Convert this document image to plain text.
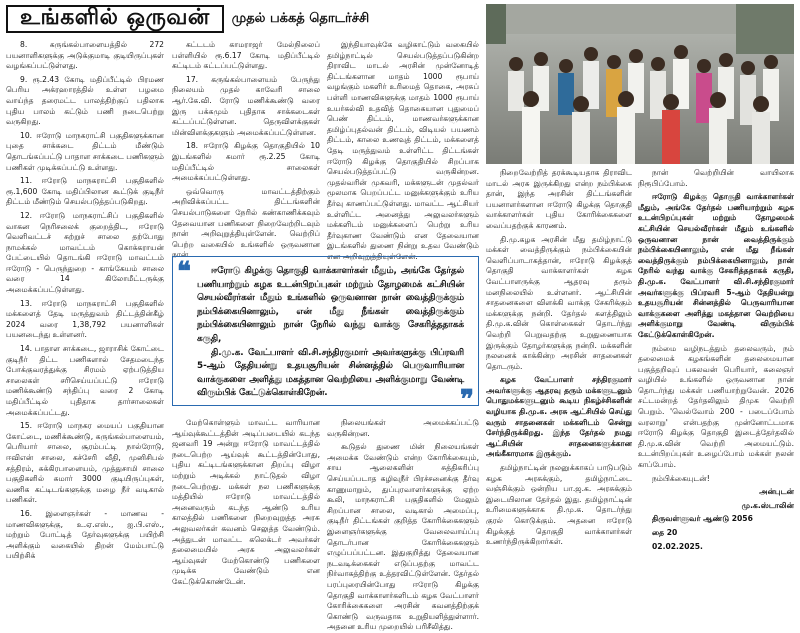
உங்களில் ஒருவன் முதல் பக்கத் தொடர்ச்சி

8. கருங்கல்பாளையத்தில் 272 பயனாளிகளுக்கு அடுக்குமாடி குடியிருப்புகள் வழங்கப்பட்டுள்ளது.

9. ரூ.2.43 கோடி மதிப்பீட்டில் பிரமண பெரிய அக்ரஹாரத்தில் உள்ள பழமை வாய்ந்த தரைமட்ட பாலத்திற்குப் பதிலாக புதிய பாலம் கட்டும் பணி நடைபெற்று வருகிறது.

10. ஈரோடு மாநகராட்சி பகுதிகளுக்கான புதை சாக்கடை திட்டம் மீண்டும் தொடங்கப்பட்டு பாதாள சாக்கடை பணிகளும் பணிகள் முடிக்கப்பட்டு உள்ளது.

11. ஈரோடு மாநகராட்சி பகுதிகளில் ரூ.1,600 கோடி மதிப்பிலான கூட்டுக் குடிநீர் திட்டம் மீண்டும் செயல்படுத்தப்படுகிறது.

12. ஈரோடு மாநகராட்சிப் பகுதிகளில் வாகன நெரிசலைக் குறைத்திட, ஈரோடு வெளிவட்டச் சுற்றுச் சாலை தற்போது நாமக்கல் மாவட்டம் கொக்கராயன் பேட்டையில் தொடங்கி ஈரோடு மாவட்டம் ஈரோடு - பெருந்துறை - காங்கேயம் சாலை வரை 14 கிலோமீட்டருக்கு அமைக்கப்பட்டுள்ளது.

13. ஈரோடு மாநகராட்சி பகுதிகளில் மக்களைத் தேடி மருத்துவம் திட்டத்தின்கீழ் 2024 வரை 1,38,792 பயனாளிகள் பயனடைந்து உள்ளனர்.

14. பாதாள சாக்கடை, ஜாராசிக் கோட்டை குடிநீர் திட்ட பணிகளால் சேதமடைந்த போக்குவரத்துக்கு சிரமம் ஏற்படுத்திய சாலைகள் சரிசெய்யப்பட்டு ஈரோடு மணிக்கூண்டு சந்திப்பு வரை 2 கோடி மதிப்பீட்டில் புதிதாக தார்சாலைகள் அமைக்கப்பட்டது.

15. ஈரோடு மாநகர மையப் பகுதியான கோட்டை, மணிக்கூண்டு, கருங்கல்பாளையம், பெரியார் சாலை, சூரம்பட்டி நால்ரோடு, ஈவிஎன் சாலை, கச்சேரி வீதி, முனிசிபல் சத்திரம், சுக்கிரபாளையம், முத்துசாமி சாலை பகுதிகளில் சுமார் 3000 குடியிருப்புகள், வணிக கட்டிடங்களுக்கு மழை நீர் வடிகால் பணிகள்.

16. இளைஞர்கள் - மாணவ - மாணவிகளுக்கு, உ.ஏ.எஸ்., ஐ.பி.எஸ்., மற்றும் போட்டித் தேர்வுகளுக்கு பயிற்சி அளிக்கும் வகையில் திறன் மேம்பாட்டு பயிற்சிக்

கட்டடம் காமராஜர் மேல்நிலைப் பள்ளியில் ரூ.6.17 கோடி மதிப்பீட்டில் கட்டிடம் கட்டப்பட்டுள்ளது.

17. கருங்கல்பாளையம் பேருந்து நிலையம் முதல் காவேரி சாலை ஆர்.கே.வி. ரோடு மணிக்கூண்டு வரை இரு பக்கமும் புதிதாக சாக்கடைகள் கட்டப்பட்டுள்ளன. தெருவிளக்குகள் மின்விளக்குகளும் அமைக்கப்பட்டுள்ளன.

18. ஈரோடு கிழக்கு தொகுதியில் 10 இடங்களில் சுமார் ரூ.2.25 கோடி மதிப்பீட்டில் சாலைகள் அமைக்கப்பட்டுள்ளது.

ஒவ்வொரு மாவட்டத்திற்கும் அறிவிக்கப்பட்ட திட்டங்களின் செயல்பாடுகளை நேரில் கண்காணிக்கவும் தேவையான பணிகளை நிறைவேற்றிடவும் நான் அறிவுறுத்தியுள்ளேன். வெற்றிப் பெற்ற வகையில் உங்களில் ஒருவனான நான்

இந்தியாவுக்கே வழிகாட்டும் வகையில் தமிழ்நாட்டில் செயல்படுத்தப்படுகின்ற திராவிட மாடல் அரசின் முன்னோடித் திட்டங்களான மாதம் 1000 ரூபாய் வழங்கும் மகளிர் உரிமைத் தொகை, அரசுப் பள்ளி மாணவிகளுக்கு மாதம் 1000 ரூபாய் உயர்கல்வி உதவித் தொகையான புதுமைப் பெண் திட்டம், மாணவர்களுக்கான தமிழ்ப்புதல்வன் திட்டம், விடியல் பயணம் திட்டம், காலை உணவுத் திட்டம், மக்களைத் தேடி மருத்துவம் உள்ளிட்ட திட்டங்கள் ஈரோடு கிழக்கு தொகுதியில் சிறப்பாக செயல்படுத்தப்பட்டு வருகின்றன. முதல்வரின் முகவரி, மக்களுடன் முதல்வர் மூலமாக பெறப்பட்ட மனுக்களுக்கும் உரிய தீர்வு காணப்பட்டுள்ளது. மாவட்ட ஆட்சியர் உள்ளிட்ட அனைத்து அலுவலர்களும் மக்களிடம் மனுக்களைப் பெற்று உரிய தீர்வுகாண வேண்டும் என தேவையான இடங்களில் துணை நின்று உதவ வேண்டும் என அறிவுறுத்தியுள்ளேன்.

❝	ஈரோடு கிழக்கு தொகுதி வாக்காளர்கள் மீதும், அங்கே தேர்தல் பணியாற்றும் கழக உடன்பிறப்புகள் மற்றும் தோழமைக் கட்சியின் செயல்வீரர்கள் மீதும் உங்களில் ஒருவனான நான் வைத்திருக்கும் நம்பிக்கையினாலும், என் மீது நீங்கள் வைத்திருக்கும் நம்பிக்கையினாலும் நான் நேரில் வந்து வாக்கு சேகரித்ததாகக் கருதி,

தி.மு.க. வேட்பாளர் வி.சி.சந்திரகுமார் அவர்களுக்கு பிப்ரவரி 5-ஆம் தேதியன்று உதயசூரியன் சின்னத்தில் பெருவாரியான வாக்குகளை அளித்து மகத்தான வெற்றியை அளிக்குமாறு வேண்டி விரும்பிக் கேட்டுக்கொள்கிறேன்.	❞

மேற்கொள்ளும் மாவட்ட வாரியான ஆய்வுக்கூட்டத்தின் அடிப்படையில் கடந்த ஜனவரி 19 அன்று ஈரோடு மாவட்டத்தில் நடைபெற்ற ஆய்வுக் கூட்டத்தின்போது, புதிய கட்டிடங்களுக்கான திறப்பு விழா மற்றும் அடிக்கல் நாட்டுதல் விழா நடைபெற்றது. மக்கள் நல பணிகளுக்கு மத்தியில் ஈரோடு மாவட்டத்தில் அனைவரும் கடந்த ஆண்டு உரிய காலத்தில் பணிகளை நிறைவுறுத்த அரசு அலுவலர்கள் கவனம் செலுத்த வேண்டும். அத்துடன் மாவட்ட கலெக்டர் அவர்கள் தலைமையில் அரசு அலுவலர்கள் ஆய்வுகள் மேற்கொண்டு பணிகளை முடிக்க வேண்டும் என கேட்டுக்கொண்டேன்.

நிலையங்கள் அமைக்கப்பட்டு வருகின்றன.

கூடுதல் துணை மின் நிலையங்கள் அமைக்க வேண்டும் என்ற கோரிக்கையும், சாய ஆலைகளின் சுத்திகரிப்பு செய்யப்படாத கழிவுநீர் பிரச்சனைக்கு தீர்வு காணுமாறும், துப்புரவாளர்களுக்கு ஏற்ற கூலி, மாநகராட்சி பகுதிகளில் மேலும் சிறப்பான சாலை, வடிகால் அமைப்பு, குடிநீர் திட்டங்கள் குறித்த கோரிக்கைகளும் இளைஞர்களுக்கு வேலைவாய்ப்பு தொடர்பான கோரிக்கைகளும் எழுப்பப்பட்டன. இதுகுறித்து தேவையான நடவடிக்கைகள் எடுப்பதற்கு மாவட்ட நிர்வாகத்திற்கு உத்தரவிட்டுள்ளேன். தேர்தல் பரப்புரையின்போது ஈரோடு கிழக்கு தொகுதி வாக்காளர்களிடம் கழக வேட்பாளர் கோரிக்கைகளை அரசின் கவனத்திற்குக் கொண்டு வருவதாக உறுதியளித்துள்ளார். அதனை உரிய முறையில் பரிசீலித்து.

நிறைவேற்றித் தரக்கூடியதாக திராவிட மாடல் அரசு இருக்கிறது என்ற நம்பிக்கை தான், இந்த அரசின் திட்டங்களின் பயனாளர்களான ஈரோடு கிழக்கு தொகுதி வாக்காளர்கள் புதிய கோரிக்கைகளை வைப்பதற்குக் காரணம்.

தி.மு.கழக அரசின் மீது தமிழ்நாட்டு மக்கள் வைத்திருக்கும் நம்பிக்கையின் வெளிப்பாடாகத்தான், ஈரோடு கிழக்குத் தொகுதி வாக்காளர்கள் கழக வேட்பாளருக்கு ஆதரவு தரும் மனநிலையில் உள்ளனர். ஆட்சியின் சாதனைகளை விளக்கி வாக்கு சேகரிக்கும் மக்களுக்கு நன்றி. தேர்தல் களத்திலும் தி.மு.க.வின் கொள்கைகள் தொடர்ந்து வெற்றி பெறுவதற்கு உறுதுணையாக இருக்கும் தோழர்களுக்கு நன்றி. மக்களின் நலனைக் காக்கின்ற அரசின் சாதனைகள் தொடரும்.

கழக வேட்பாளர் சந்திரகுமார் அவர்களுக்கு ஆதரவு தரும் மக்களுடனும் பொதுமக்களுடனும் கூடிய நிகழ்ச்சிகளின் வழியாக தி.மு.க. அரசு ஆட்சியில் செய்து வரும் சாதனைகள் மக்களிடம் சென்று சேர்ந்திருக்கிறது. இந்த தேர்தல் நமது ஆட்சியின் சாதனைகளுக்கான அங்கீகாரமாக இருக்கும்.

தமிழ்நாட்டின் நலனுக்காகப் பாடுபடும் கழக அரசுக்கும், தமிழ்நாட்டை வஞ்சிக்கும் ஒன்றிய பா.ஜ.க. அரசுக்கும் இடையிலான தேர்தல் இது. தமிழ்நாட்டின் உரிமைகளுக்காக தி.மு.க. தொடர்ந்து குரல் கொடுக்கும். அதனை ஈரோடு கிழக்குத் தொகுதி வாக்காளர்கள் உணர்ந்திருக்கிறார்கள்.

நான் வெற்றியின் வாயிலாக நிரூபிப்போம்.

ஈரோடு கிழக்கு தொகுதி வாக்காளர்கள் மீதும், அங்கே தேர்தல் பணியாற்றும் கழக உடன்பிறப்புகள் மற்றும் தோழமைக் கட்சியின் செயல்வீரர்கள் மீதும் உங்களில் ஒருவனான நான் வைத்திருக்கும் நம்பிக்கையினாலும், என் மீது நீங்கள் வைத்திருக்கும் நம்பிக்கையினாலும், நான் நேரில் வந்து வாக்கு சேகரித்ததாகக் கருதி, தி.மு.க. வேட்பாளர் வி.சி.சந்திரகுமார் அவர்களுக்கு பிப்ரவரி 5-ஆம் தேதியன்று உதயசூரியன் சின்னத்தில் பெருவாரியான வாக்குகளை அளித்து மகத்தான வெற்றியை அளிக்குமாறு வேண்டி விரும்பிக் கேட்டுக்கொள்கிறேன்.

நம்மை வழிநடத்தும் தலைவரும், நம் தலைமைக் கழகங்களின் தலைமையான பகுத்தறிவுப் பகலவன் பெரியார், கலைஞர் வழியில் உங்களில் ஒருவனான நான் தொடர்ந்து மக்கள் பணியாற்றுவேன். 2026 சட்டமன்றத் தேர்தலிலும் திமுக வெற்றி பெறும். 'வெல்வோம் 200 - படைப்போம் வரலாறு' என்பதற்கு முன்னோட்டமாக ஈரோடு கிழக்கு தொகுதி இடைத்தேர்தலில் தி.மு.க.வின் வெற்றி அமையட்டும். உடன்பிறப்புகள் உழைப்போம் மக்கள் நலன் காப்போம்.

நம்பிக்கையுடன்!

அன்புடன்

மு.க.ஸ்டாலின்

திருவள்ளுவர் ஆண்டு 2056

தை 20

02.02.2025.
